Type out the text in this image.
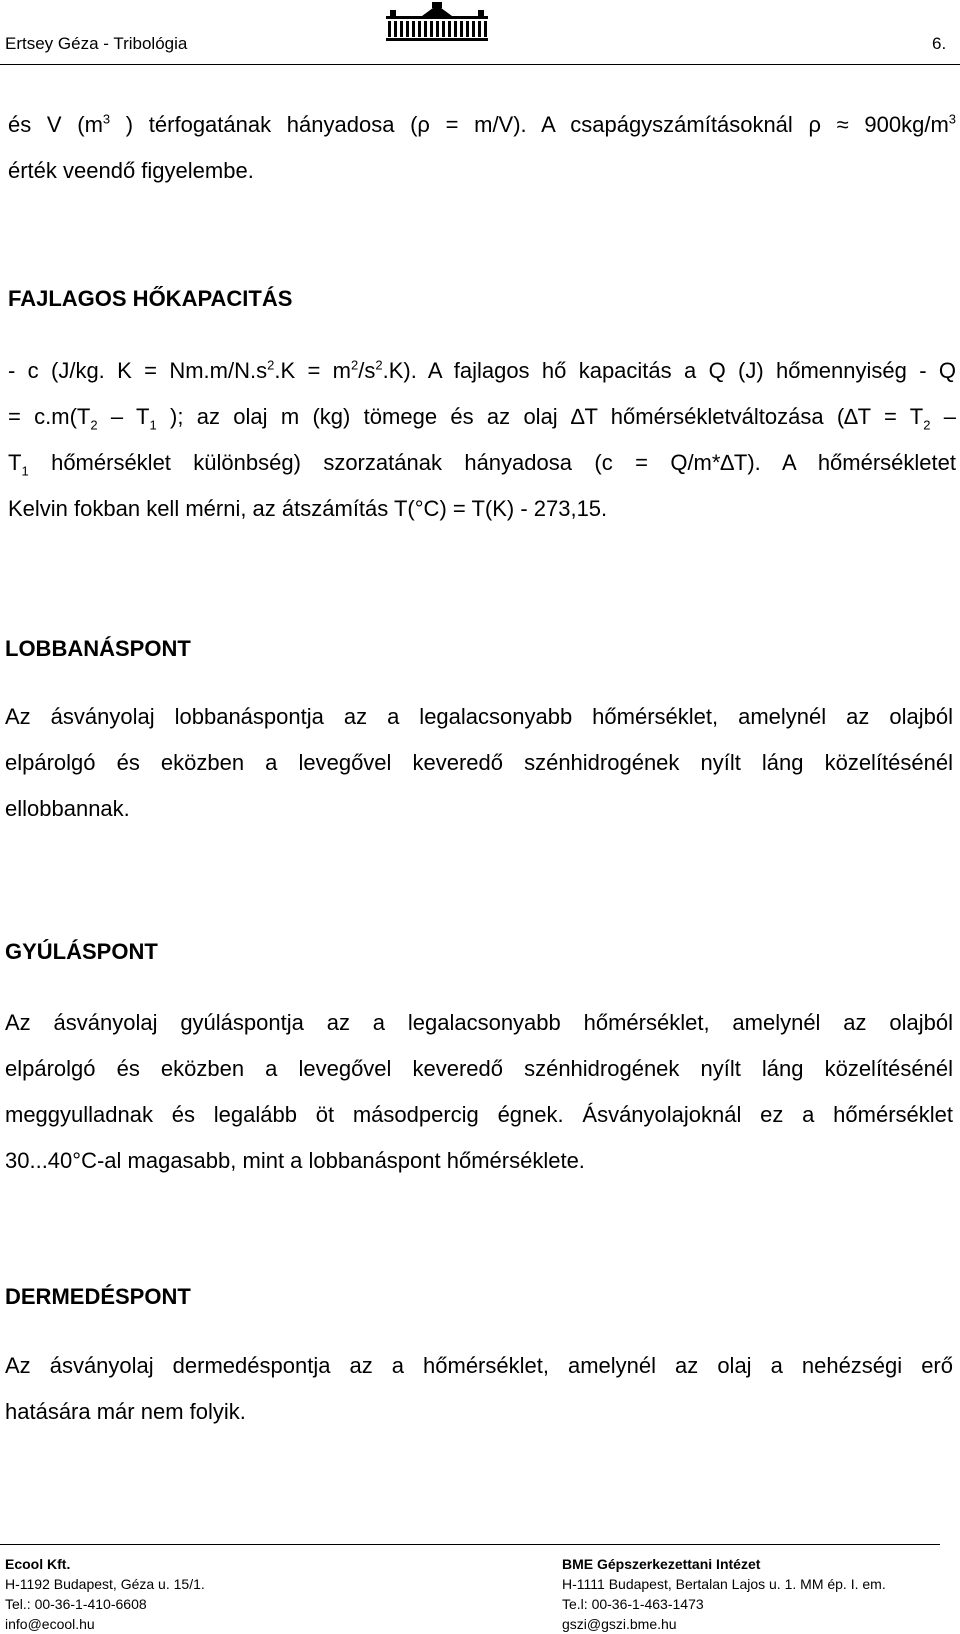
Ertsey Géza - Tribológia	6.

és V ($m^3$ ) térfogatának hányadosa (ρ = m/V). A csapágyszámításoknál $\rho \approx 900kg/m^3$

érték veendő figyelembe.

FAJLAGOS HŐKAPACITÁS

- c (J/kg. $K = Nm.m/N.s^2.K = m^2/s^2.K$). A fajlagos hő kapacitás a Q (J) hőmennyiség - Q

= $c.m(T_2 - T_1$ ); az olaj m (kg) tömege és az olaj ∆T hőmérsékletváltozása ($\Delta T = T_2$ –

$T_1$ hőmérséklet különbség) szorzatának hányadosa (c = Q/m*∆T). A hőmérsékletet

Kelvin fokban kell mérni, az átszámítás T(°C) = T(K) - 273,15.

LOBBANÁSPONT

Az ásványolaj lobbanáspontja az a legalacsonyabb hőmérséklet, amelynél az olajból

elpárolgó és eközben a levegővel keveredő szénhidrogének nyílt láng közelítésénél

ellobbannak.

GYÚLÁSPONT

Az ásványolaj gyúláspontja az a legalacsonyabb hőmérséklet, amelynél az olajból

elpárolgó és eközben a levegővel keveredő szénhidrogének nyílt láng közelítésénél

meggyulladnak és legalább öt másodpercig égnek. Ásványolajoknál ez a hőmérséklet

30...40°C-al magasabb, mint a lobbanáspont hőmérséklete.

DERMEDÉSPONT

Az ásványolaj dermedéspontja az a hőmérséklet, amelynél az olaj a nehézségi erő

hatására már nem folyik.

Ecool Kft.
H-1192 Budapest, Géza u. 15/1.
Tel.: 00-36-1-410-6608
info@ecool.hu
BME Gépszerkezettani Intézet
H-1111 Budapest, Bertalan Lajos u. 1. MM ép. I. em.
Te.l: 00-36-1-463-1473
gszi@gszi.bme.hu
